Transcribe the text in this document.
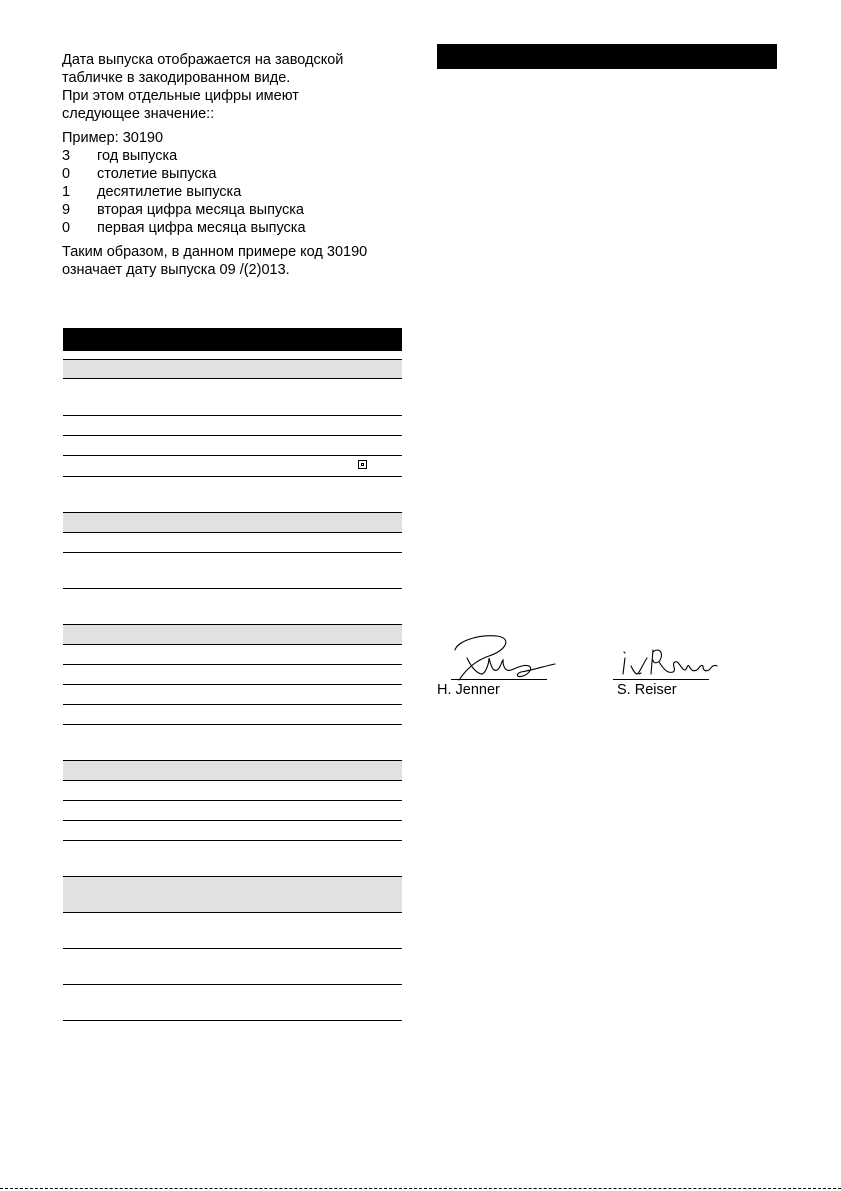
Дата выпуска отображается на заводской

табличке в закодированном виде.

При этом отдельные цифры имеют

следующее значение::

Пример: 30190
3	год выпуска
0	столетие выпуска
1	десятилетие выпуска
9	вторая цифра месяца выпуска
0	первая цифра месяца выпуска
Таким образом, в данном примере код 30190
означает дату выпуска 09 /(2)013.
H. Jenner	S. Reiser
